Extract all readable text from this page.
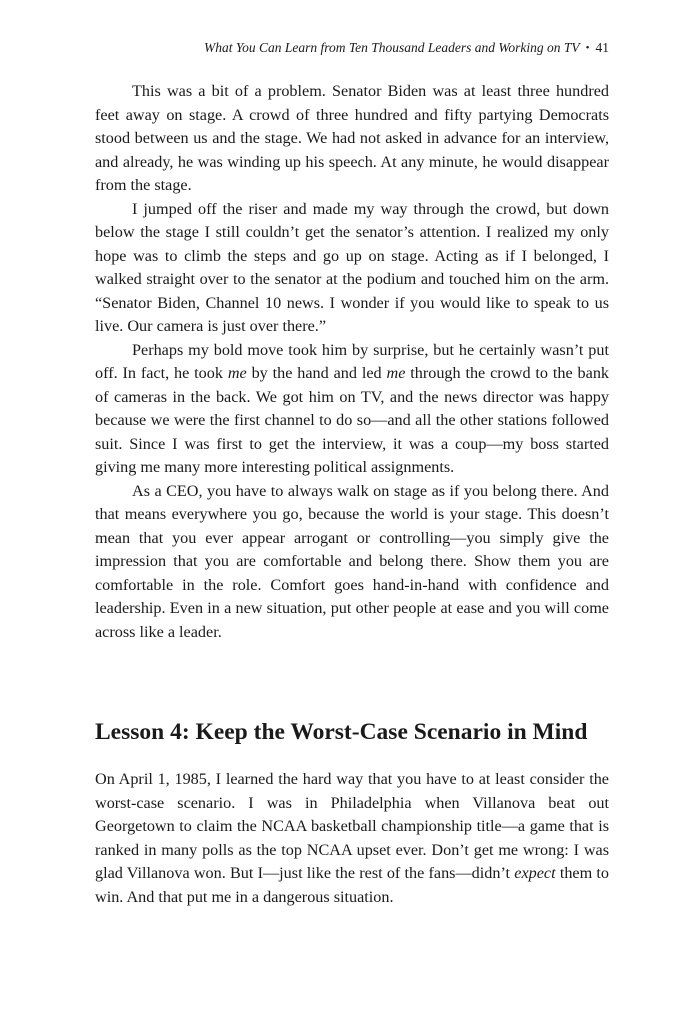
What You Can Learn from Ten Thousand Leaders and Working on TV • 41

This was a bit of a problem. Senator Biden was at least three hundred feet away on stage. A crowd of three hundred and fifty partying Democrats stood between us and the stage. We had not asked in advance for an interview, and already, he was winding up his speech. At any minute, he would disappear from the stage.

I jumped off the riser and made my way through the crowd, but down below the stage I still couldn’t get the senator’s attention. I realized my only hope was to climb the steps and go up on stage. Acting as if I belonged, I walked straight over to the senator at the podium and touched him on the arm. “Senator Biden, Channel 10 news. I wonder if you would like to speak to us live. Our camera is just over there.”

Perhaps my bold move took him by surprise, but he certainly wasn’t put off. In fact, he took me by the hand and led me through the crowd to the bank of cameras in the back. We got him on TV, and the news director was happy because we were the first channel to do so—and all the other stations followed suit. Since I was first to get the interview, it was a coup—my boss started giving me many more interesting political assignments.

As a CEO, you have to always walk on stage as if you belong there. And that means everywhere you go, because the world is your stage. This doesn’t mean that you ever appear arrogant or controlling—you simply give the impression that you are comfortable and belong there. Show them you are comfortable in the role. Comfort goes hand-in-hand with confidence and leadership. Even in a new situation, put other people at ease and you will come across like a leader.

Lesson 4: Keep the Worst-Case Scenario in Mind

On April 1, 1985, I learned the hard way that you have to at least consider the worst-case scenario. I was in Philadelphia when Villanova beat out Georgetown to claim the NCAA basketball championship title—a game that is ranked in many polls as the top NCAA upset ever. Don’t get me wrong: I was glad Villanova won. But I—just like the rest of the fans—didn’t expect them to win. And that put me in a dangerous situation.
